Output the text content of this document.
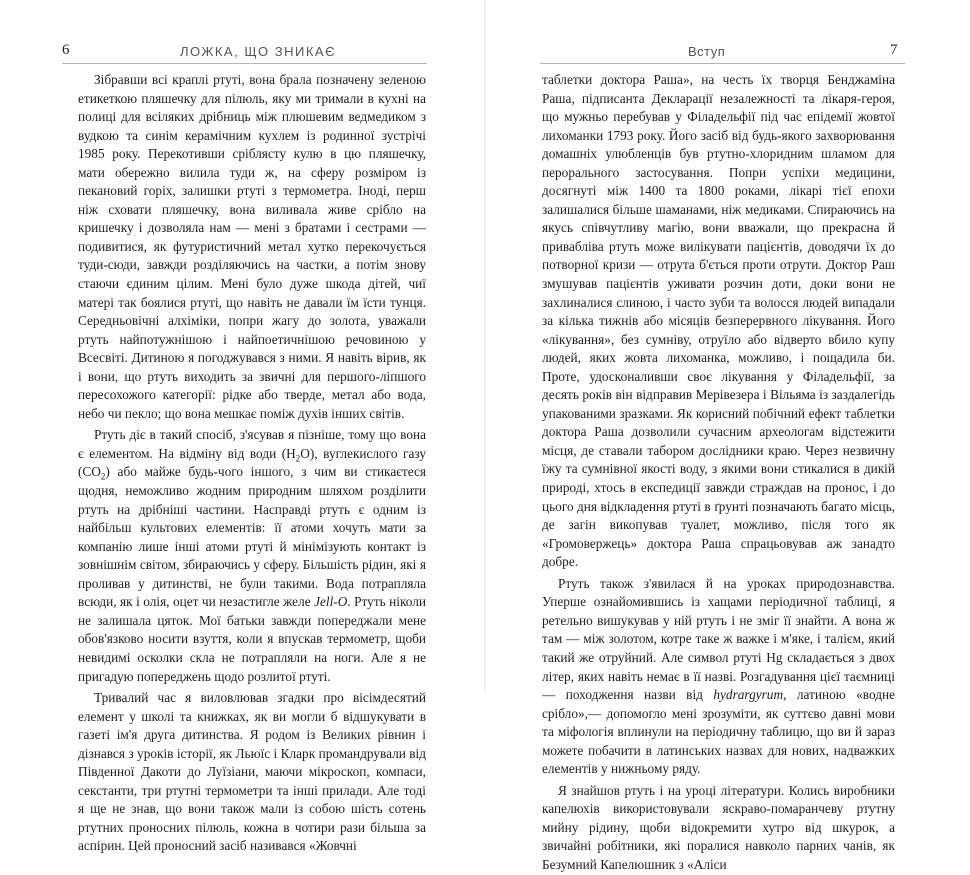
6	ЛОЖКА, ЩО ЗНИКАЄ

Зібравши всі краплі ртуті, вона брала позначену зеленою етикеткою пляшечку для пілюль, яку ми тримали в кухні на полиці для всіляких дрібниць між плюшевим ведмедиком з вудкою та синім керамічним кухлем із родинної зустрічі 1985 року. Перекотивши сріблясту кулю в цю пляшечку, мати обережно вилила туди ж, на сферу розміром із пекановий горіх, залишки ртуті з термометра. Іноді, перш ніж сховати пляшечку, вона виливала живе срібло на кришечку і дозволяла нам — мені з братами і сестрами — подивитися, як футуристичний метал хутко перекочується туди-сюди, завжди розділяючись на частки, а потім знову стаючи єдиним цілим. Мені було дуже шкода дітей, чиї матері так боялися ртуті, що навіть не давали їм їсти тунця. Середньовічні алхіміки, попри жагу до золота, уважали ртуть найпотужнішою і найпоетичнішою речовиною у Всесвіті. Дитиною я погоджувався з ними. Я навіть вірив, як і вони, що ртуть виходить за звичні для першого-ліпшого пересохожого категорії: рідке або тверде, метал або вода, небо чи пекло; що вона мешкає поміж духів інших світів.

Ртуть діє в такий спосіб, з'ясував я пізніше, тому що вона є елементом. На відміну від води $(H_2O)$, вуглекислого газу $(CO_2)$ або майже будь-чого іншого, з чим ви стикаєтеся щодня, неможливо жодним природним шляхом розділити ртуть на дрібніші частини. Насправді ртуть є одним із найбільш культових елементів: її атоми хочуть мати за компанію лише інші атоми ртуті й мінімізують контакт із зовнішнім світом, збираючись у сферу. Більшість рідин, які я проливав у дитинстві, не були такими. Вода потрапляла всюди, як і олія, оцет чи незастигле желе Jell-O. Ртуть ніколи не залишала цяток. Мої батьки завжди попереджали мене обов'язково носити взуття, коли я впускав термометр, щоби невидимі осколки скла не потрапляли на ноги. Але я не пригадую попереджень щодо розлитої ртуті.

Тривалий час я виловлював згадки про вісімдесятий елемент у школі та книжках, як ви могли б відшукувати в газеті ім'я друга дитинства. Я родом із Великих рівнин і дізнався з уроків історії, як Льюїс і Кларк промандрували від Південної Дакоти до Луїзіани, маючи мікроскоп, компаси, секстанти, три ртутні термометри та інші прилади. Але тоді я ще не знав, що вони також мали із собою шість сотень ртутних проносних пілюль, кожна в чотири рази більша за аспірин. Цей проносний засіб називався «Жовчні

Вступ	7

таблетки доктора Раша», на честь їх творця Бенджаміна Раша, підписанта Декларації незалежності та лікаря-героя, що мужньо перебував у Філадельфії під час епідемії жовтої лихоманки 1793 року. Його засіб від будь-якого захворювання домашніх улюбленців був ртутно-хлоридним шламом для перорального застосування. Попри успіхи медицини, досягнуті між 1400 та 1800 роками, лікарі тієї епохи залишалися більше шаманами, ніж медиками. Спираючись на якусь співчутливу магію, вони вважали, що прекрасна й привабліва ртуть може вилікувати пацієнтів, доводячи їх до потворної кризи — отрута б'ється проти отрути. Доктор Раш змушував пацієнтів уживати розчин доти, доки вони не захлиналися слиною, і часто зуби та волосся людей випадали за кілька тижнів або місяців безперервного лікування. Його «лікування», без сумніву, отруїло або відверто вбило купу людей, яких жовта лихоманка, можливо, і пощадила би. Проте, удосконаливши своє лікування у Філадельфії, за десять років він відправив Мерівезера і Вільяма із заздалегідь упакованими зразками. Як корисний побічний ефект таблетки доктора Раша дозволили сучасним археологам відстежити місця, де ставали табором дослідники краю. Через незвичну їжу та сумнівної якості воду, з якими вони стикалися в дикій природі, хтось в експедиції завжди страждав на пронос, і до цього дня відкладення ртуті в ґрунті позначають багато місць, де загін викопував туалет, можливо, після того як «Громовержець» доктора Раша спрацьовував аж занадто добре.

Ртуть також з'явилася й на уроках природознавства. Уперше ознайомившись із хащами періодичної таблиці, я ретельно вишукував у ній ртуть і не зміг її знайти. А вона ж там — між золотом, котре таке ж важке і м'яке, і талієм, який такий же отруйний. Але символ ртуті Hg складається з двох літер, яких навіть немає в її назві. Розгадування цієї таємниці — походження назви від hydrargyrum, латиною «водне срібло»,— допомогло мені зрозуміти, як суттєво давні мови та міфологія вплинули на періодичну таблицю, що ви й зараз можете побачити в латинських назвах для нових, надважких елементів у нижньому ряду.

Я знайшов ртуть і на уроці літератури. Колись виробники капелюхів використовували яскраво-помаранчеву ртутну мийну рідину, щоби відокремити хутро від шкурок, а звичайні робітники, які поралися навколо парних чанів, як Безумний Капелюшник з «Аліси
